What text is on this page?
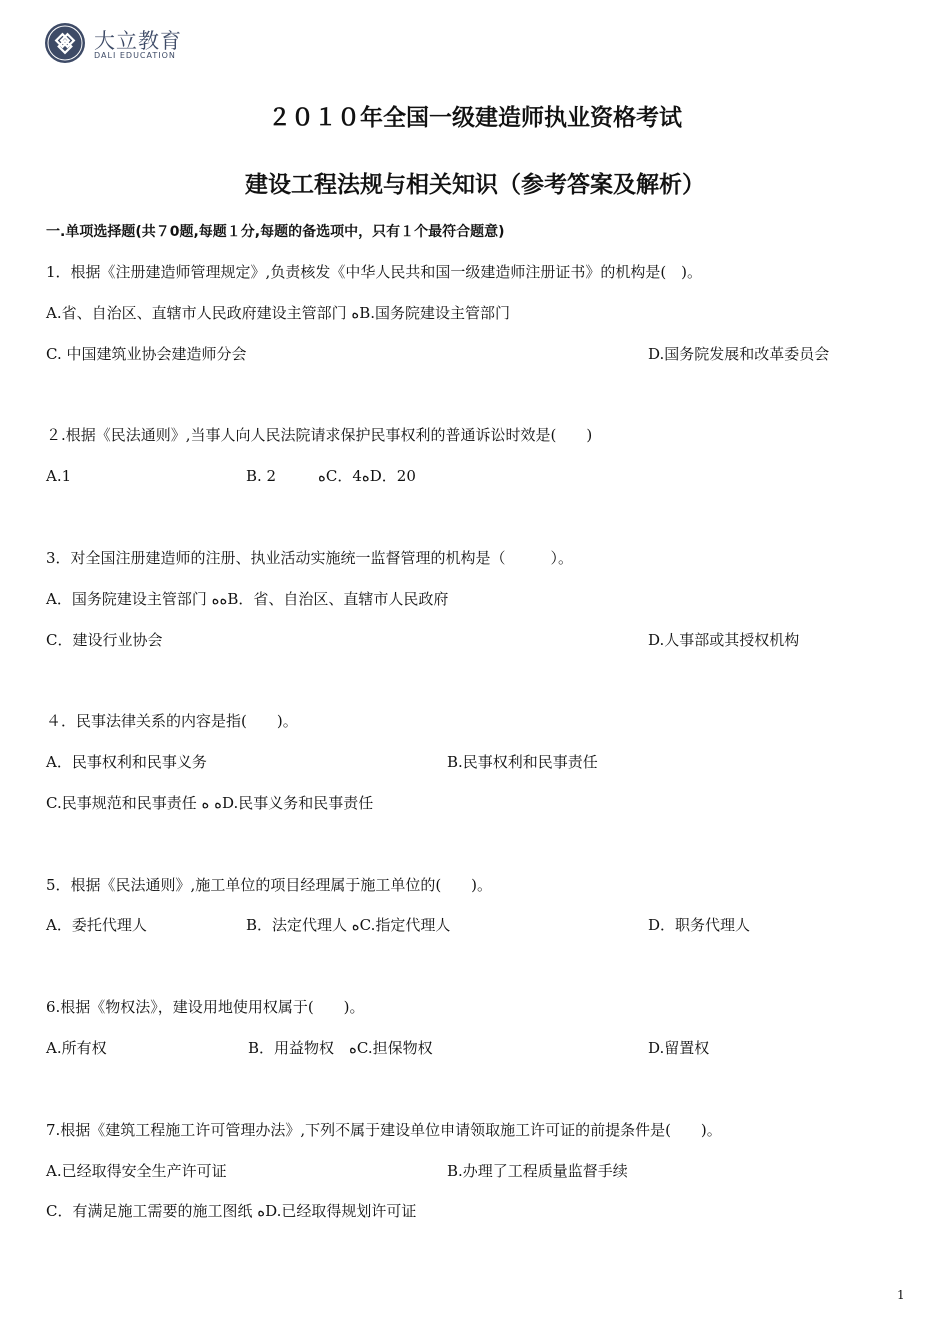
大立教育
DALI EDUCATION
２０１０年全国一级建造师执业资格考试
建设工程法规与相关知识（参考答案及解析）
一.单项选择题(共７0题,每题１分,每题的备选项中，只有１个最符合题意)
1．根据《注册建造师管理规定》,负责核发《中华人民共和国一级建造师注册证书》的机构是(　)。
A.省、自治区、直辖市人民政府建设主管部门 ﻩB.国务院建设主管部门
C. 中国建筑业协会建造师分会	D.国务院发展和改革委员会
２.根据《民法通则》,当事人向人民法院请求保护民事权利的普通诉讼时效是(　　)
A.1	B. 2	ﻩC．4ﻩD．20
3．对全国注册建造师的注册、执业活动实施统一监督管理的机构是（　　　）。
A．国务院建设主管部门 ﻩﻩB．省、自治区、直辖市人民政府
C．建设行业协会	D.人事部或其授权机构
４．民事法律关系的内容是指(　　)。
A．民事权利和民事义务	B.民事权利和民事责任
C.民事规范和民事责任 ﻩ ﻩD.民事义务和民事责任
5．根据《民法通则》,施工单位的项目经理属于施工单位的(　　)。
A．委托代理人	B．法定代理人 ﻩC.指定代理人	D．职务代理人
6.根据《物权法》，建设用地使用权属于(　　)。
A.所有权	B．用益物权　ﻩC.担保物权	D.留置权
7.根据《建筑工程施工许可管理办法》,下列不属于建设单位申请领取施工许可证的前提条件是(　　)。
A.已经取得安全生产许可证	B.办理了工程质量监督手续
C．有满足施工需要的施工图纸 ﻩD.已经取得规划许可证
1
